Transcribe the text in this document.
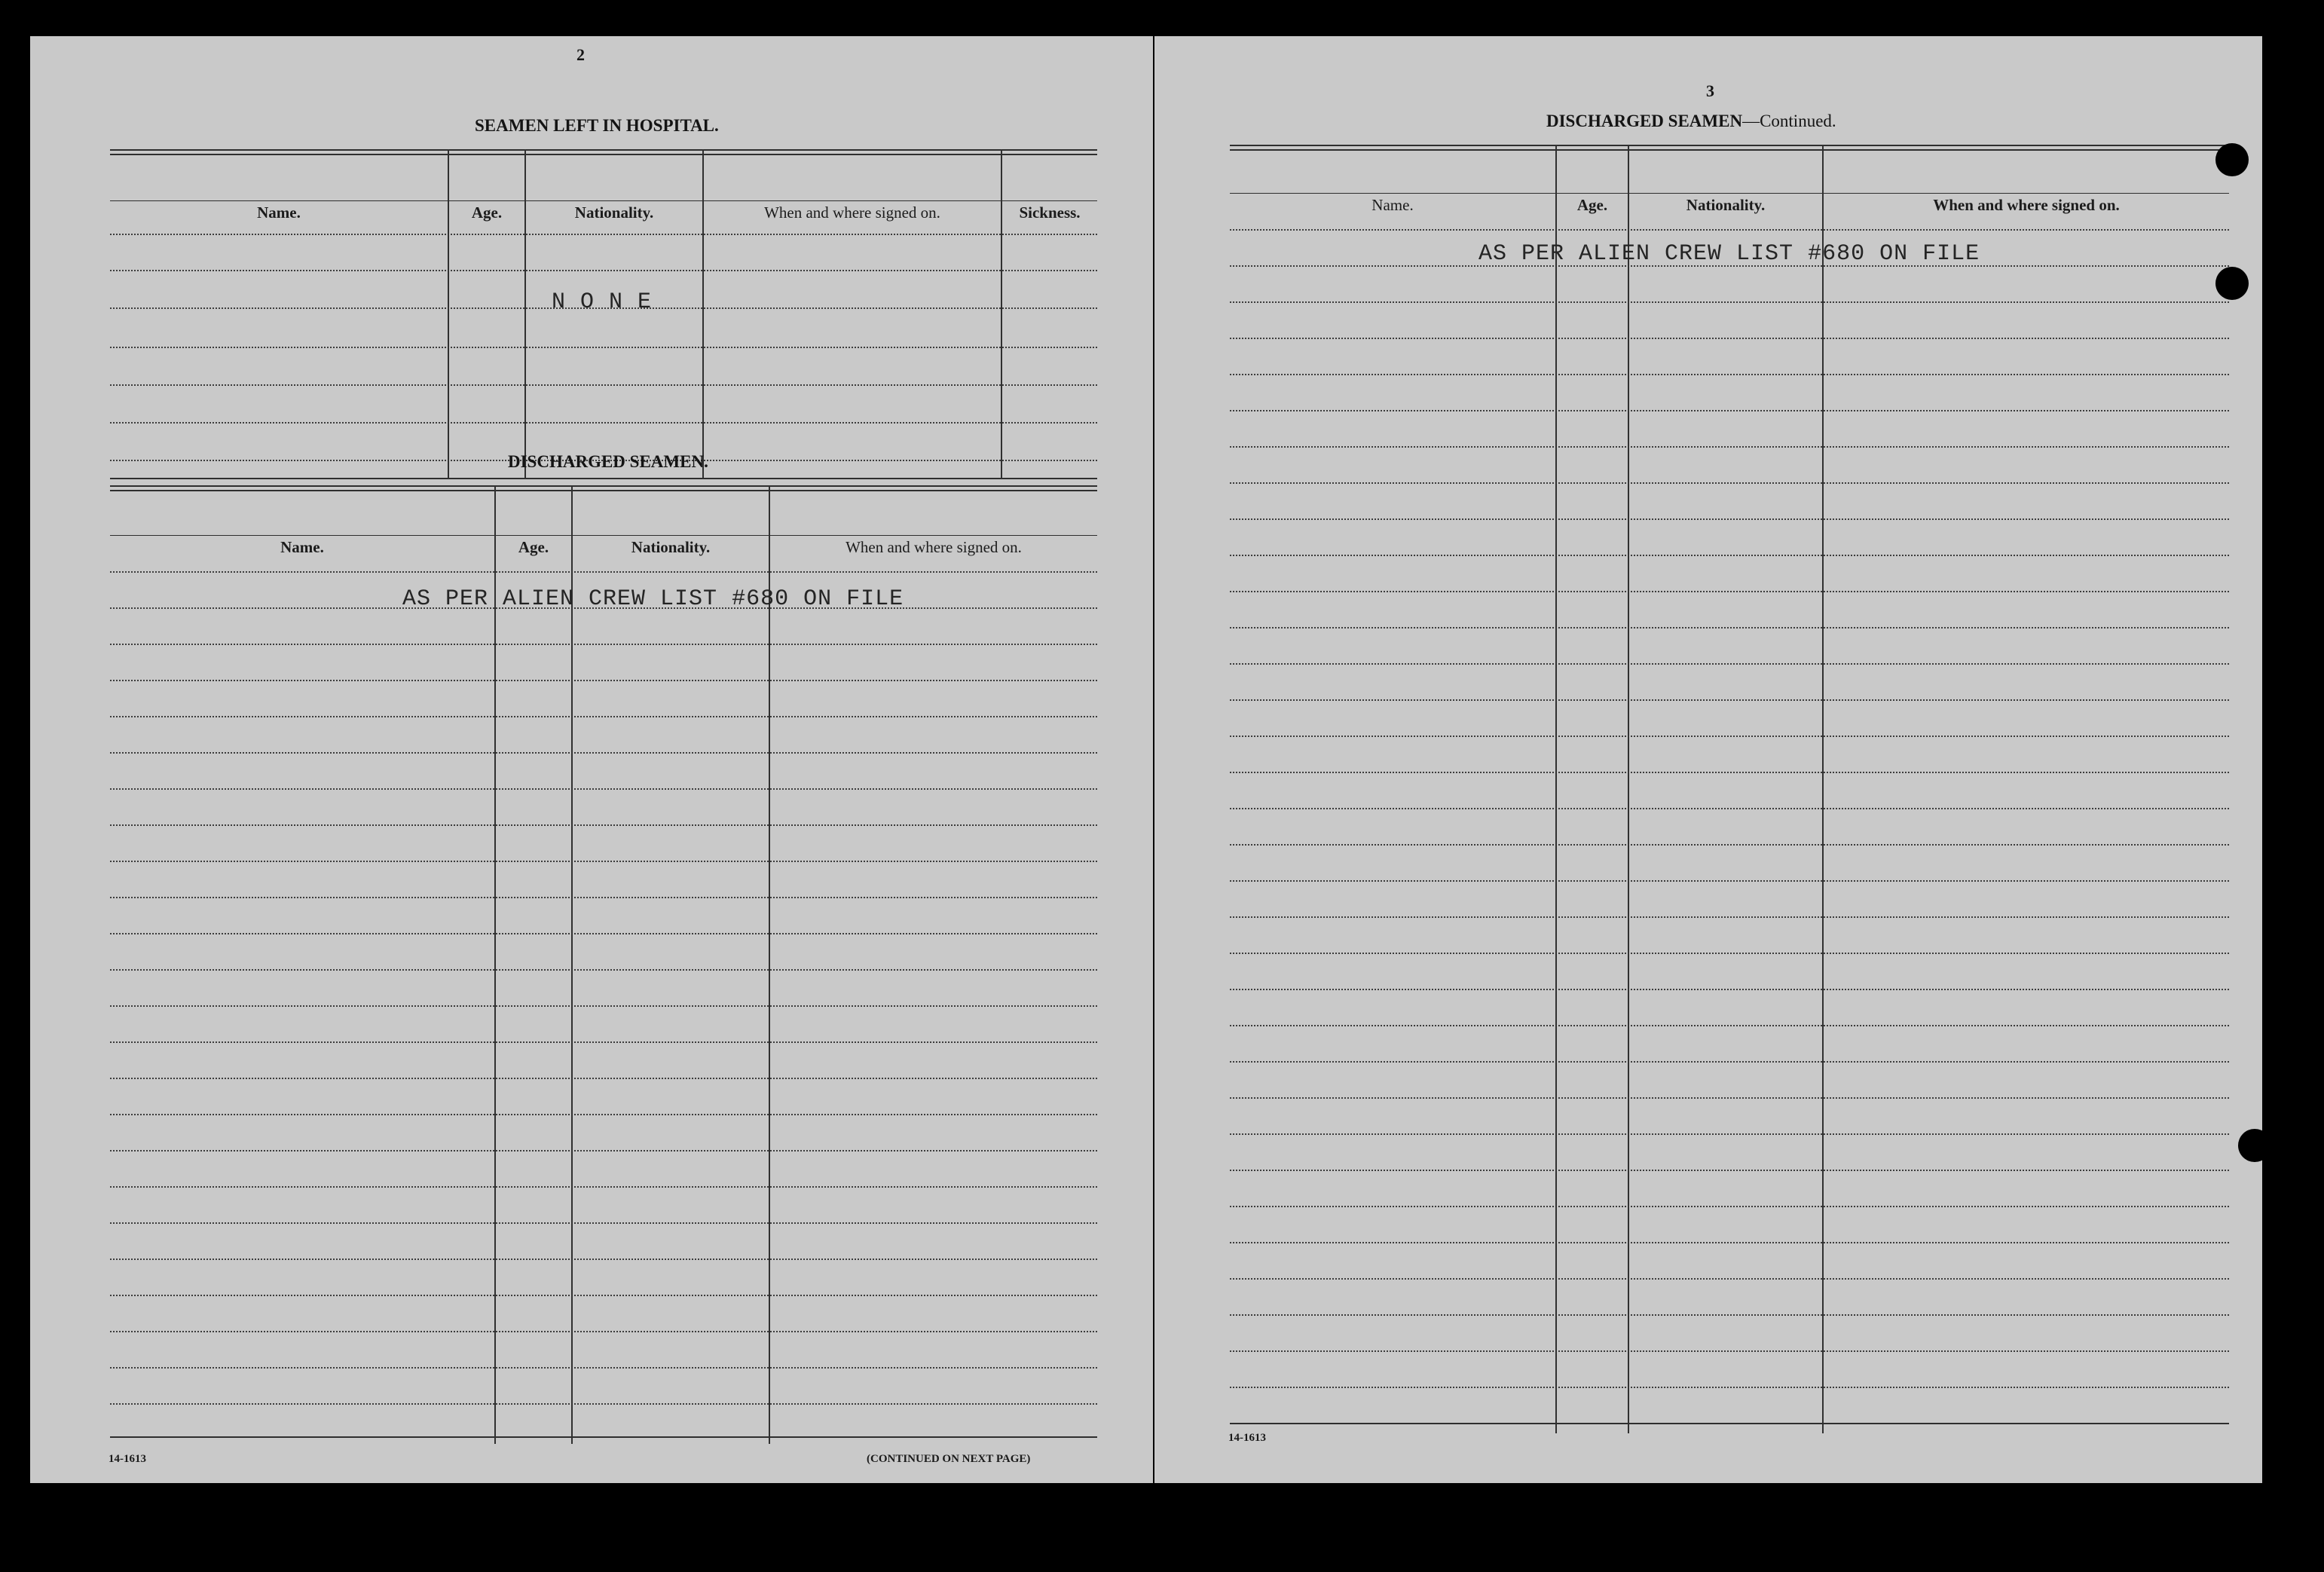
2
SEAMEN LEFT IN HOSPITAL.
Name.	Age.	Nationality.	When and where signed on.	Sickness.
N O N E
DISCHARGED SEAMEN.
Name.	Age.	Nationality.	When and where signed on.
AS PER ALIEN CREW LIST #680 ON FILE
14-1613	(CONTINUED ON NEXT PAGE)
3
DISCHARGED SEAMEN—Continued.
Name.	Age.	Nationality.	When and where signed on.
AS PER ALIEN CREW LIST #680 ON FILE
14-1613
